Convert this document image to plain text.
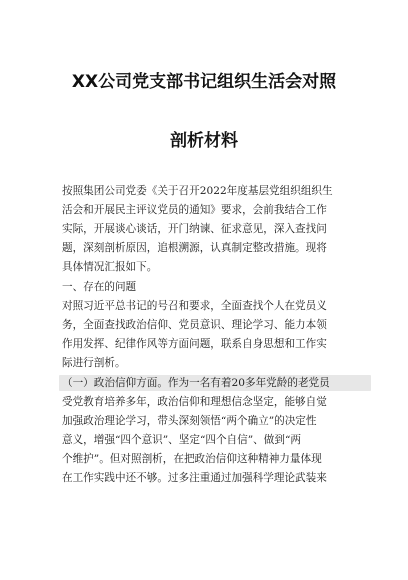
XX公司党支部书记组织生活会对照
剖析材料
按照集团公司党委《关于召开2022年度基层党组织组织生
活会和开展民主评议党员的通知》要求，会前我结合工作
实际，开展谈心谈话，开门纳谏、征求意见，深入查找问
题，深刻剖析原因，追根溯源，认真制定整改措施。现将
具体情况汇报如下。
一、存在的问题
对照习近平总书记的号召和要求，全面查找个人在党员义
务，全面查找政治信仰、党员意识、理论学习、能力本领
作用发挥、纪律作风等方面问题，联系自身思想和工作实
际进行剖析。
（一）政治信仰方面。作为一名有着20多年党龄的老党员
受党教育培养多年，政治信仰和理想信念坚定，能够自觉
加强政治理论学习，带头深刻领悟“两个确立”的决定性
意义，增强“四个意识”、坚定“四个自信”、做到“两
个维护”。但对照剖析，在把政治信仰这种精神力量体现
在工作实践中还不够。过多注重通过加强科学理论武装来
